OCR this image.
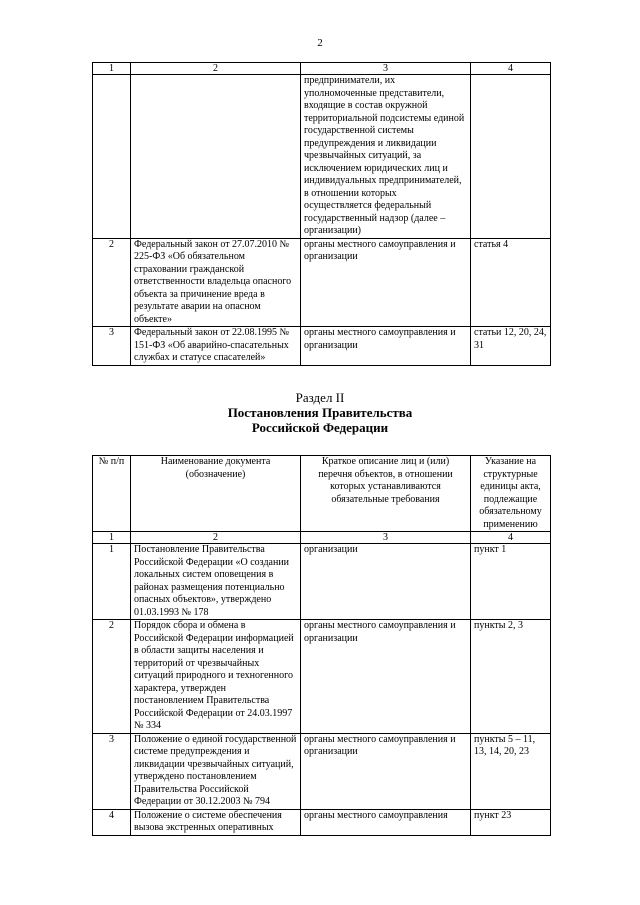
2
1	2	3	4
		предприниматели, их уполномоченные представители, входящие в состав окружной территориальной подсистемы единой государственной системы предупреждения и ликвидации чрезвычайных ситуаций, за исключением юридических лиц и индивидуальных предпринимателей, в отношении которых осуществляется федеральный государственный надзор (далее – организации)	
2	Федеральный закон от 27.07.2010 № 225-ФЗ «Об обязательном страховании гражданской ответственности владельца опасного объекта за причинение вреда в результате аварии на опасном объекте»	органы местного самоуправления и организации	статья 4
3	Федеральный закон от 22.08.1995 № 151-ФЗ «Об аварийно-спасательных службах и статусе спасателей»	органы местного самоуправления и организации	статьи 12, 20, 24, 31
Раздел II
Постановления Правительства
Российской Федерации
№ п/п	Наименование документа (обозначение)	Краткое описание лиц и (или) перечня объектов, в отношении которых устанавливаются обязательные требования	Указание на структурные единицы акта, подлежащие обязательному применению
1	2	3	4
1	Постановление Правительства Российской Федерации «О создании локальных систем оповещения в районах размещения потенциально опасных объектов», утверждено 01.03.1993 № 178	организации	пункт 1
2	Порядок сбора и обмена в Российской Федерации информацией в области защиты населения и территорий от чрезвычайных ситуаций природного и техногенного характера, утвержден постановлением Правительства Российской Федерации от 24.03.1997 № 334	органы местного самоуправления и организации	пункты 2, 3
3	Положение о единой государственной системе предупреждения и ликвидации чрезвычайных ситуаций, утверждено постановлением Правительства Российской Федерации от 30.12.2003 № 794	органы местного самоуправления и организации	пункты 5 – 11, 13, 14, 20, 23
4	Положение о системе обеспечения вызова экстренных оперативных	органы местного самоуправления	пункт 23
